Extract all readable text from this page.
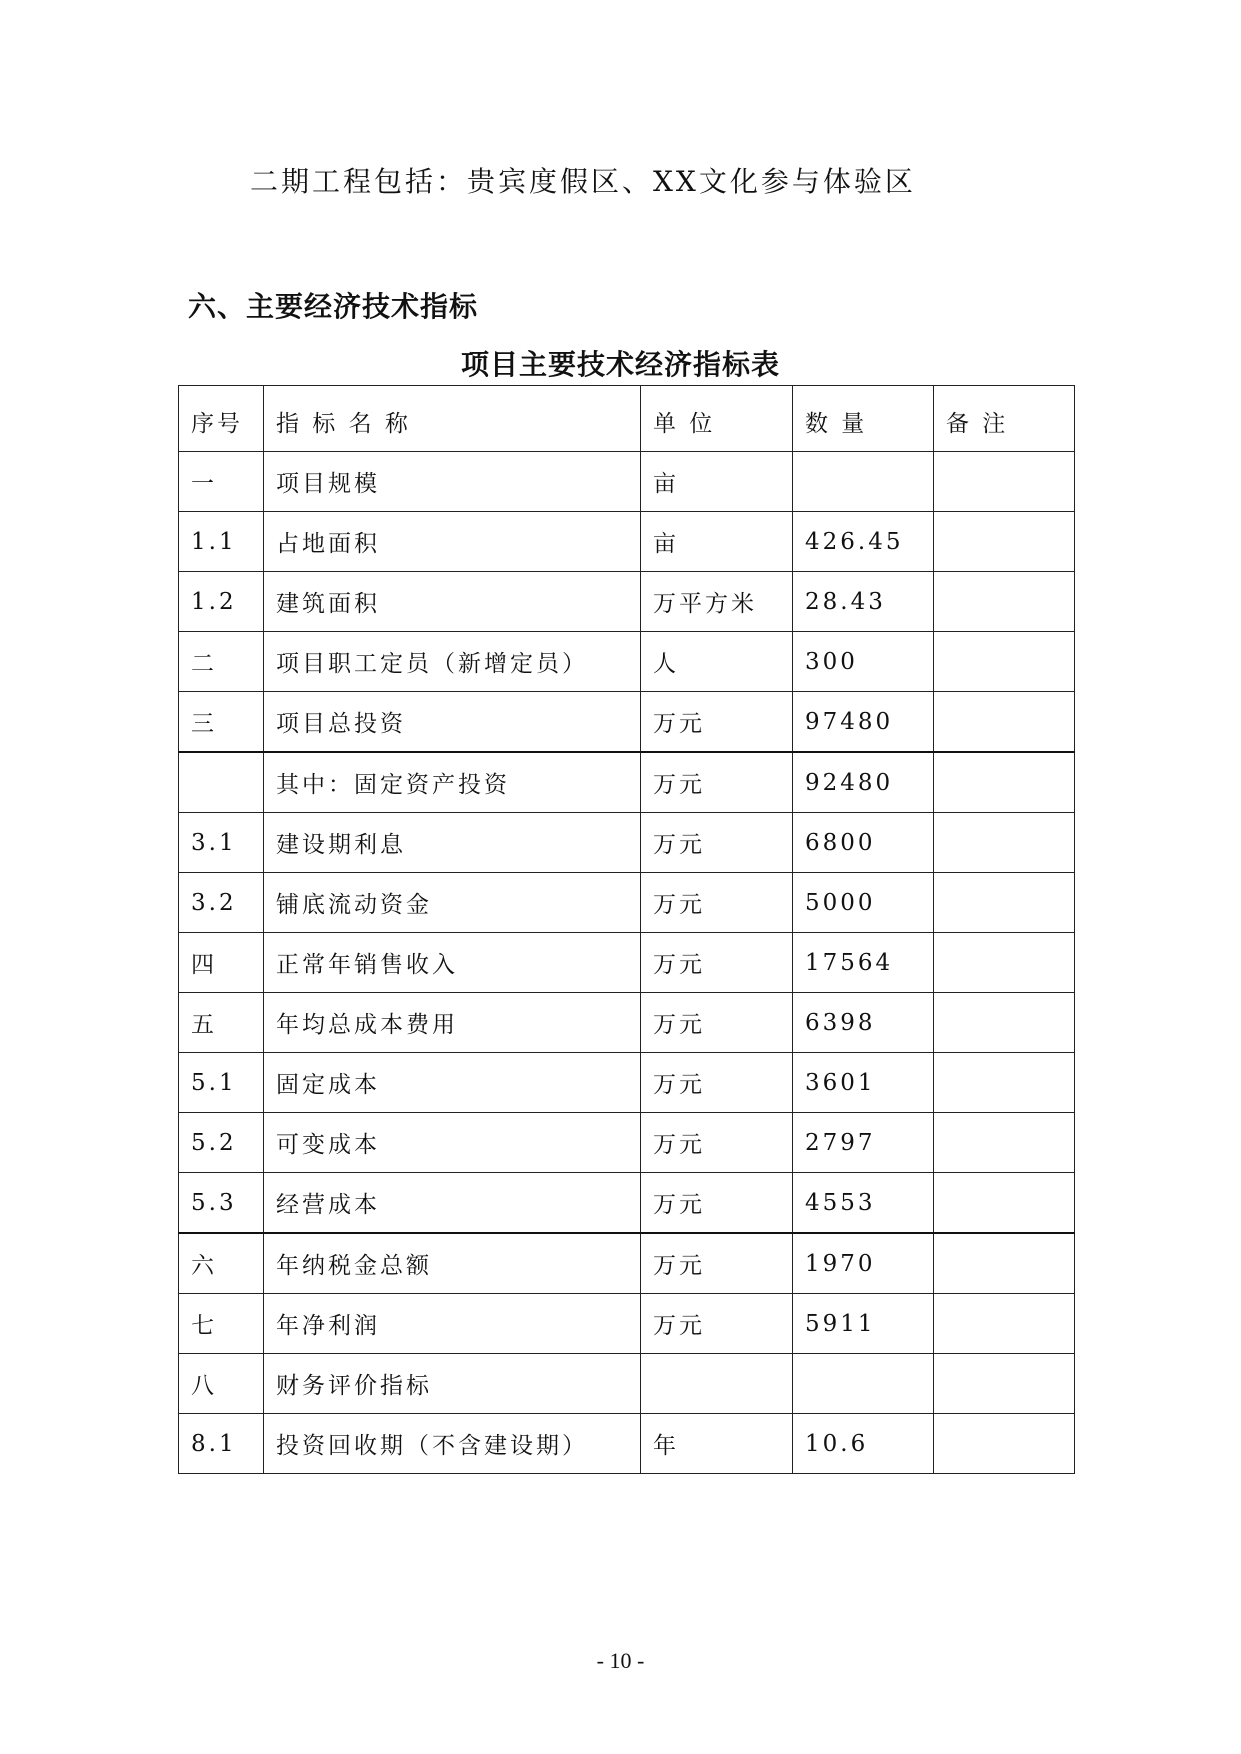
二期工程包括：贵宾度假区、XX文化参与体验区
六、主要经济技术指标
项目主要技术经济指标表
序号	指 标 名 称	单 位	数 量	备 注
一	项目规模	亩		
1.1	占地面积	亩	426.45	
1.2	建筑面积	万平方米	28.43	
二	项目职工定员（新增定员）	人	300	
三	项目总投资	万元	97480	
	其中：固定资产投资	万元	92480	
3.1	建设期利息	万元	6800	
3.2	铺底流动资金	万元	5000	
四	正常年销售收入	万元	17564	
五	年均总成本费用	万元	6398	
5.1	固定成本	万元	3601	
5.2	可变成本	万元	2797	
5.3	经营成本	万元	4553	
六	年纳税金总额	万元	1970	
七	年净利润	万元	5911	
八	财务评价指标			
8.1	投资回收期（不含建设期）	年	10.6	
- 10 -
